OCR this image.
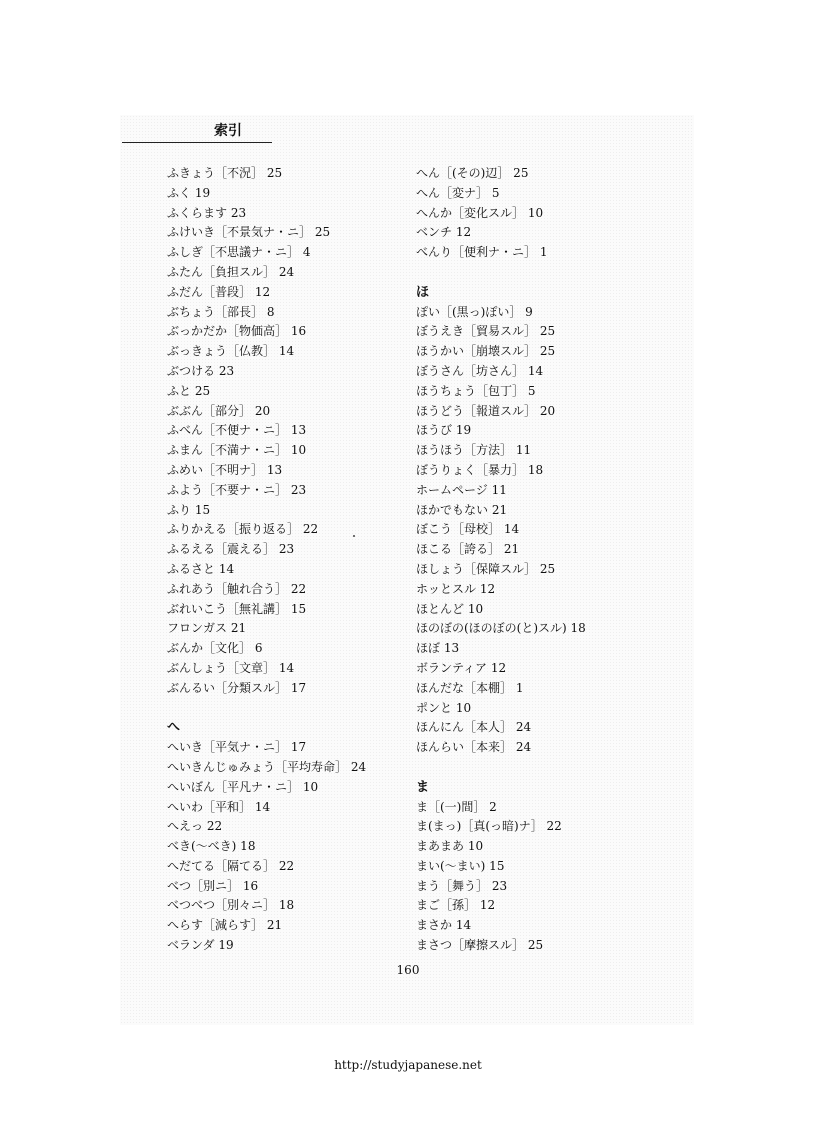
索引
ふきょう［不況］ 25
ふく 19
ふくらます 23
ふけいき［不景気ナ・ニ］ 25
ふしぎ［不思議ナ・ニ］ 4
ふたん［負担スル］ 24
ふだん［普段］ 12
ぶちょう［部長］ 8
ぶっかだか［物価高］ 16
ぶっきょう［仏教］ 14
ぶつける 23
ふと 25
ぶぶん［部分］ 20
ふべん［不便ナ・ニ］ 13
ふまん［不満ナ・ニ］ 10
ふめい［不明ナ］ 13
ふよう［不要ナ・ニ］ 23
ふり 15
ふりかえる［振り返る］ 22
ふるえる［震える］ 23
ふるさと 14
ふれあう［触れ合う］ 22
ぶれいこう［無礼講］ 15
フロンガス 21
ぶんか［文化］ 6
ぶんしょう［文章］ 14
ぶんるい［分類スル］ 17
へ
へいき［平気ナ・ニ］ 17
へいきんじゅみょう［平均寿命］ 24
へいぼん［平凡ナ・ニ］ 10
へいわ［平和］ 14
へえっ 22
べき(〜べき) 18
へだてる［隔てる］ 22
べつ［別ニ］ 16
べつべつ［別々ニ］ 18
へらす［減らす］ 21
ベランダ 19
へん［(その)辺］ 25
へん［変ナ］ 5
へんか［変化スル］ 10
ベンチ 12
べんり［便利ナ・ニ］ 1
ほ
ぽい［(黒っ)ぽい］ 9
ぼうえき［貿易スル］ 25
ほうかい［崩壊スル］ 25
ぼうさん［坊さん］ 14
ほうちょう［包丁］ 5
ほうどう［報道スル］ 20
ほうび 19
ほうほう［方法］ 11
ぼうりょく［暴力］ 18
ホームページ 11
ほかでもない 21
ぼこう［母校］ 14
ほこる［誇る］ 21
ほしょう［保障スル］ 25
ホッとスル 12
ほとんど 10
ほのぼの(ほのぼの(と)スル) 18
ほぼ 13
ボランティア 12
ほんだな［本棚］ 1
ポンと 10
ほんにん［本人］ 24
ほんらい［本来］ 24
ま
ま［(一)間］ 2
ま(まっ)［真(っ暗)ナ］ 22
まあまあ 10
まい(〜まい) 15
まう［舞う］ 23
まご［孫］ 12
まさか 14
まさつ［摩擦スル］ 25
160
http://studyjapanese.net
